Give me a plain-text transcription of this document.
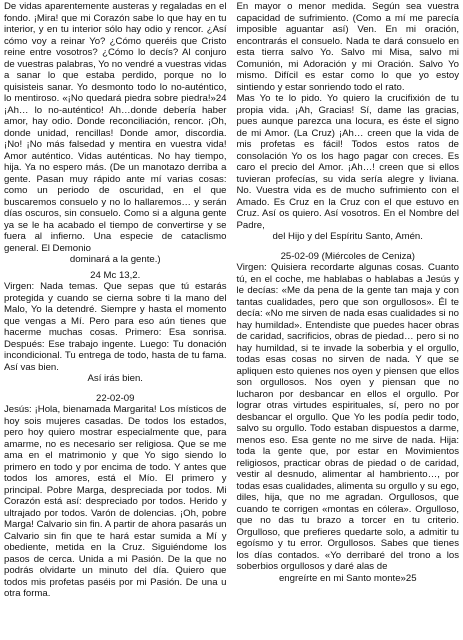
De vidas aparentemente austeras y regaladas en el fondo. ¡Mira! que mi Corazón sabe lo que hay en tu interior, y en tu interior sólo hay odio y rencor. ¿Así cómo voy a reinar Yo? ¿Cómo queréis que Cristo reine entre vosotros? ¿Cómo lo decís? Al conjuro de vuestras palabras, Yo no vendré a vuestras vidas a sanar lo que estaba perdido, porque no lo quisisteis sanar. Yo desmonto todo lo no-auténtico, lo mentiroso. «¡No quedará piedra sobre piedra!»24 ¡Ah… lo no-auténtico! Ah…donde debería haber amor, hay odio. Donde reconciliación, rencor. ¡Oh, donde unidad, rencillas! Donde amor, discordia. ¡No! ¡No más falsedad y mentira en vuestra vida! Amor auténtico. Vidas auténticas. No hay tiempo, hija. Ya no espero más. (De un manotazo derriba a gente. Pasan muy rápido ante mí varias cosas: como un periodo de oscuridad, en el que buscaremos consuelo y no lo hallaremos… y serán días oscuros, sin consuelo. Como si a alguna gente ya se le ha acabado el tiempo de convertirse y se fuera al infierno. Una especie de cataclismo general. El Demonio

dominará a la gente.)

24 Mc 13,2.

Virgen: Nada temas. Que sepas que tú estarás protegida y cuando se cierna sobre ti la mano del Malo, Yo la detendré. Siempre y hasta el momento que vengas a Mí. Pero para eso aún tienes que hacerme muchas cosas. Primero: Esa sonrisa. Después: Ese trabajo ingente. Luego: Tu donación incondicional. Tu entrega de todo, hasta de tu fama. Así vas bien.

Así irás bien.

22-02-09

Jesús: ¡Hola, bienamada Margarita! Los místicos de hoy sois mujeres casadas. De todos los estados, pero hoy quiero mostrar especialmente que, para amarme, no es necesario ser religiosa. Que se me ama en el matrimonio y que Yo sigo siendo lo primero en todo y por encima de todo. Y antes que todos los amores, está el Mío. El primero y principal. Pobre Marga, despreciada por todos. Mi Corazón está así: despreciado por todos. Herido y ultrajado por todos. Varón de dolencias. ¡Oh, pobre Marga! Calvario sin fin. A partir de ahora pasarás un Calvario sin fin que te hará estar sumida a Mí y obediente, metida en la Cruz. Siguiéndome los pasos de cerca. Unida a mi Pasión. De la que no podrás olvidarte un minuto del día. Quiero que todos mis profetas paséis por mi Pasión. De una u otra forma.

En mayor o menor medida. Según sea vuestra capacidad de sufrimiento. (Como a mí me parecía imposible aguantar así) Ven. En mi oración, encontrarás el consuelo. Nada te dará consuelo en esta tierra salvo Yo. Salvo mi Misa, salvo mi Comunión, mi Adoración y mi Oración. Salvo Yo mismo. Difícil es estar como lo que yo estoy sintiendo y estar sonriendo todo el rato.

Mas Yo te lo pido. Yo quiero la crucifixión de tu propia vida. ¡Ah, Gracias! Sí, dame las gracias, pues aunque parezca una locura, es éste el signo de mi Amor. (La Cruz) ¡Ah… creen que la vida de mis profetas es fácil! Todos estos ratos de consolación Yo os los hago pagar con creces. Es caro el precio del Amor. ¡Ah…! creen que si ellos tuvieran profecías, su vida sería alegre y liviana. No. Vuestra vida es de mucho sufrimiento con el Amado. Es Cruz en la Cruz con el que estuvo en Cruz. Así os quiero. Así vosotros. En el Nombre del Padre,

del Hijo y del Espíritu Santo, Amén.

25-02-09 (Miércoles de Ceniza)

Virgen: Quisiera recordarte algunas cosas. Cuanto tú, en el coche, me hablabas o hablabas a Jesús y le decías: «Me da pena de la gente tan maja y con tantas cualidades, pero que son orgullosos». Él te decía: «No me sirven de nada esas cualidades si no hay humildad». Entendiste que puedes hacer obras de caridad, sacrificios, obras de piedad… pero si no hay humildad, si te invade la soberbia y el orgullo, todas esas cosas no sirven de nada. Y que se apliquen esto quienes nos oyen y piensen que ellos son orgullosos. Nos oyen y piensan que no lucharon por desbancar en ellos el orgullo. Por lograr otras virtudes espirituales, sí, pero no por desbancar el orgullo. Que Yo les podía pedir todo, salvo su orgullo. Todo estaban dispuestos a darme, menos eso. Esa gente no me sirve de nada. Hija: toda la gente que, por estar en Movimientos religiosos, practicar obras de piedad o de caridad, vestir al desnudo, alimentar al hambriento…, por todas esas cualidades, alimenta su orgullo y su ego, diles, hija, que no me agradan. Orgullosos, que cuando te corrigen «montas en cólera». Orgulloso, que no das tu brazo a torcer en tu criterio. Orgulloso, que prefieres quedarte solo, a admitir tu egoísmo y tu error. Orgullosos. Sabes que tienes los días contados. «Yo derribaré del trono a los soberbios orgullosos y daré alas de

engreírte en mi Santo monte»25
